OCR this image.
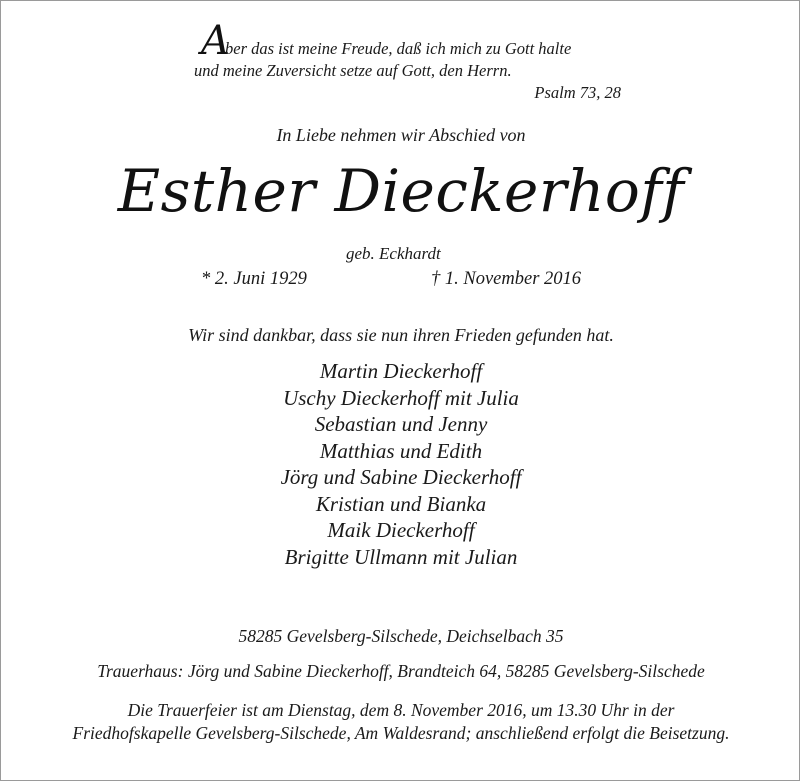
A
ber das ist meine Freude, daß ich mich zu Gott halte
und meine Zuversicht setze auf Gott, den Herrn.
Psalm 73, 28
In Liebe nehmen wir Abschied von
Esther Dieckerhoff
geb. Eckhardt
* 2. Juni 1929	† 1. November 2016
Wir sind dankbar, dass sie nun ihren Frieden gefunden hat.
Martin Dieckerhoff
Uschy Dieckerhoff mit Julia
Sebastian und Jenny
Matthias und Edith
Jörg und Sabine Dieckerhoff
Kristian und Bianka
Maik Dieckerhoff
Brigitte Ullmann mit Julian
58285 Gevelsberg-Silschede, Deichselbach 35
Trauerhaus: Jörg und Sabine Dieckerhoff, Brandteich 64, 58285 Gevelsberg-Silschede
Die Trauerfeier ist am Dienstag, dem 8. November 2016, um 13.30 Uhr in der
Friedhofskapelle Gevelsberg-Silschede, Am Waldesrand; anschließend erfolgt die Beisetzung.
